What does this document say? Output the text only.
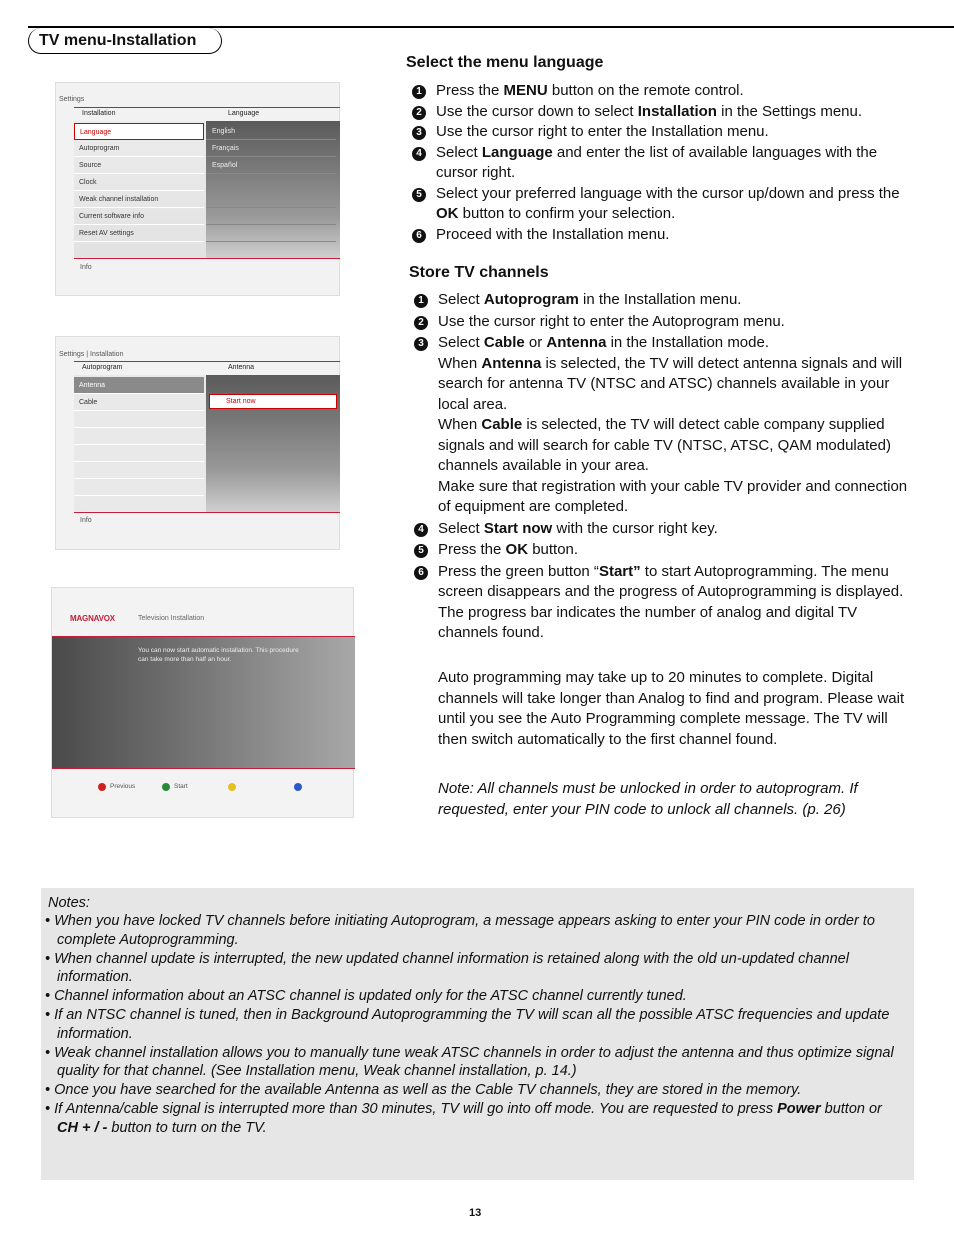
TV menu-Installation
Settings
Installation	Language
Language
Autoprogram
Source
Clock
Weak channel installation
Current software info
Reset AV settings
English
Français
Español
Info
Settings | Installation
Autoprogram	Antenna
Antenna
Cable	Start now
Info
MAGNAVOX	Television Installation
You can now start automatic installation. This procedure can take more than half an hour.
Previous	Start
Select the menu language
1 Press the MENU button on the remote control.
2 Use the cursor down to select Installation in the Settings menu.
3 Use the cursor right to enter the Installation menu.
4 Select Language and enter the list of available languages with the cursor right.
5 Select your preferred language with the cursor up/down and press the OK button to confirm your selection.
6 Proceed with the Installation menu.
Store TV channels
1 Select Autoprogram in the Installation menu.
2 Use the cursor right to enter the Autoprogram menu.
3 Select Cable or Antenna in the Installation mode.
When Antenna is selected, the TV will detect antenna signals and will search for antenna TV (NTSC and ATSC) channels available in your local area.
When Cable is selected, the TV will detect cable company supplied signals and will search for cable TV (NTSC, ATSC, QAM modulated) channels available in your area.
Make sure that registration with your cable TV provider and connection of equipment are completed.
4 Select Start now with the cursor right key.
5 Press the OK button.
6 Press the green button “Start” to start Autoprogramming. The menu screen disappears and the progress of Autoprogramming is displayed. The progress bar indicates the number of analog and digital TV channels found.
Auto programming may take up to 20 minutes to complete. Digital channels will take longer than Analog to find and program. Please wait until you see the Auto Programming complete message. The TV will then switch automatically to the first channel found.
Note: All channels must be unlocked in order to autoprogram. If requested, enter your PIN code to unlock all channels. (p. 26)
Notes:
• When you have locked TV channels before initiating Autoprogram, a message appears asking to enter your PIN code in order to complete Autoprogramming.
• When channel update is interrupted, the new updated channel information is retained along with the old un-updated channel information.
• Channel information about an ATSC channel is updated only for the ATSC channel currently tuned.
• If an NTSC channel is tuned, then in Background Autoprogramming the TV will scan all the possible ATSC frequencies and update information.
• Weak channel installation allows you to manually tune weak ATSC channels in order to adjust the antenna and thus optimize signal quality for that channel. (See Installation menu, Weak channel installation, p. 14.)
• Once you have searched for the available Antenna as well as the Cable TV channels, they are stored in the memory.
• If Antenna/cable signal is interrupted more than 30 minutes, TV will go into off mode. You are requested to press Power button or CH + / - button to turn on the TV.
13
